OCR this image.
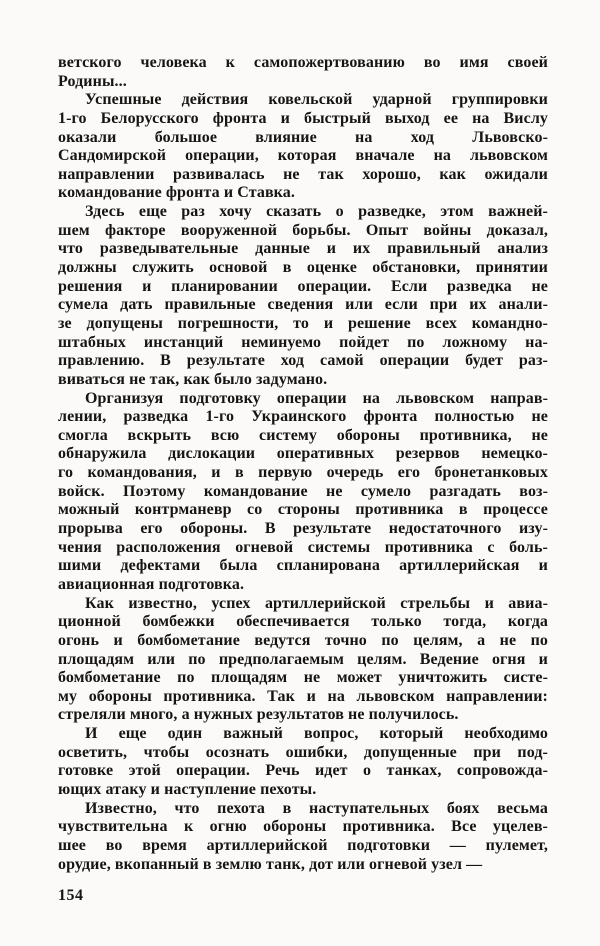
ветского человека к самопожертвованию во имя своей
Родины...
Успешные действия ковельской ударной группировки
1-го Белорусского фронта и быстрый выход ее на Вислу
оказали большое влияние на ход Львовско-
Сандомирской операции, которая вначале на львовском
направлении развивалась не так хорошо, как ожидали
командование фронта и Ставка.
Здесь еще раз хочу сказать о разведке, этом важней-
шем факторе вооруженной борьбы. Опыт войны доказал,
что разведывательные данные и их правильный анализ
должны служить основой в оценке обстановки, принятии
решения и планировании операции. Если разведка не
сумела дать правильные сведения или если при их анали-
зе допущены погрешности, то и решение всех командно-
штабных инстанций неминуемо пойдет по ложному на-
правлению. В результате ход самой операции будет раз-
виваться не так, как было задумано.
Организуя подготовку операции на львовском направ-
лении, разведка 1-го Украинского фронта полностью не
смогла вскрыть всю систему обороны противника, не
обнаружила дислокации оперативных резервов немецко-
го командования, и в первую очередь его бронетанковых
войск. Поэтому командование не сумело разгадать воз-
можный контрманевр со стороны противника в процессе
прорыва его обороны. В результате недостаточного изу-
чения расположения огневой системы противника с боль-
шими дефектами была спланирована артиллерийская и
авиационная подготовка.
Как известно, успех артиллерийской стрельбы и авиа-
ционной бомбежки обеспечивается только тогда, когда
огонь и бомбометание ведутся точно по целям, а не по
площадям или по предполагаемым целям. Ведение огня и
бомбометание по площадям не может уничтожить систе-
му обороны противника. Так и на львовском направлении:
стреляли много, а нужных результатов не получилось.
И еще один важный вопрос, который необходимо
осветить, чтобы осознать ошибки, допущенные при под-
готовке этой операции. Речь идет о танках, сопровожда-
ющих атаку и наступление пехоты.
Известно, что пехота в наступательных боях весьма
чувствительна к огню обороны противника. Все уцелев-
шее во время артиллерийской подготовки — пулемет,
орудие, вкопанный в землю танк, дот или огневой узел —
154
